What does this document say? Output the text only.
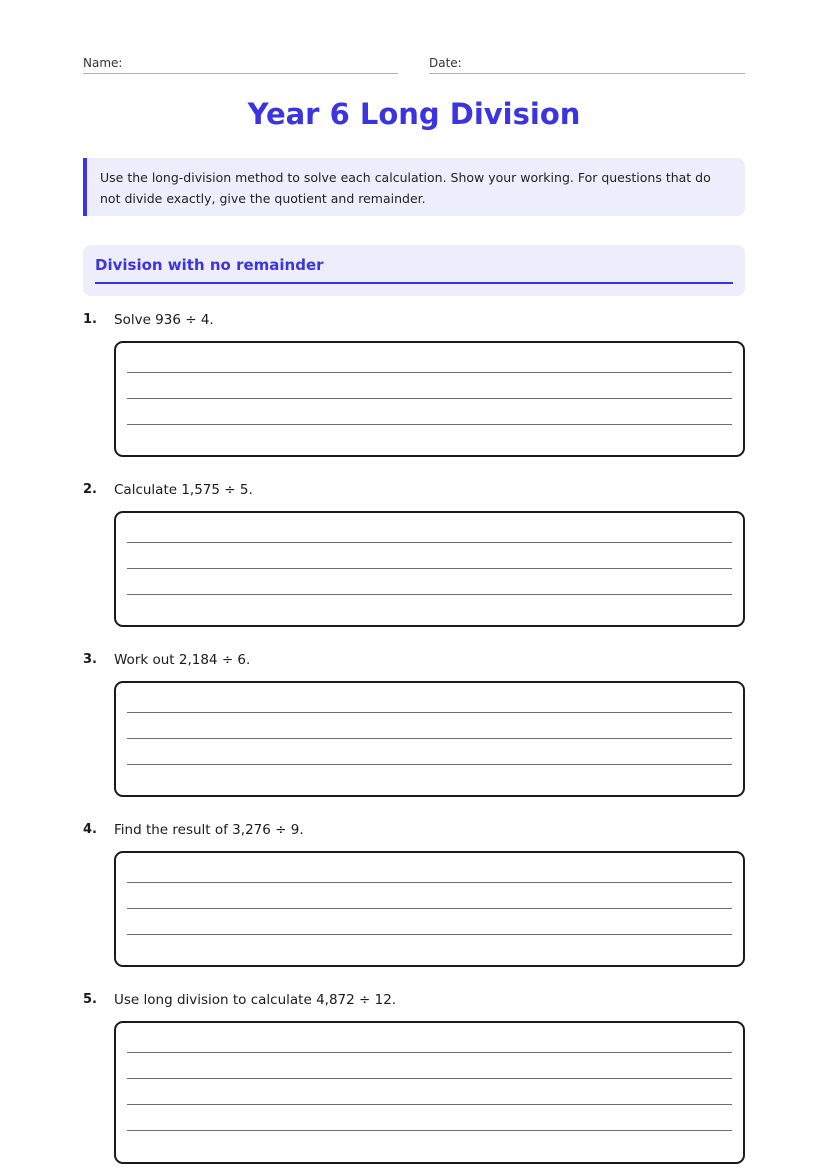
Name:	Date:
Year 6 Long Division
Use the long-division method to solve each calculation. Show your working. For questions that do not divide exactly, give the quotient and remainder.
Division with no remainder
1. Solve 936 ÷ 4.
2. Calculate 1,575 ÷ 5.
3. Work out 2,184 ÷ 6.
4. Find the result of 3,276 ÷ 9.
5. Use long division to calculate 4,872 ÷ 12.
